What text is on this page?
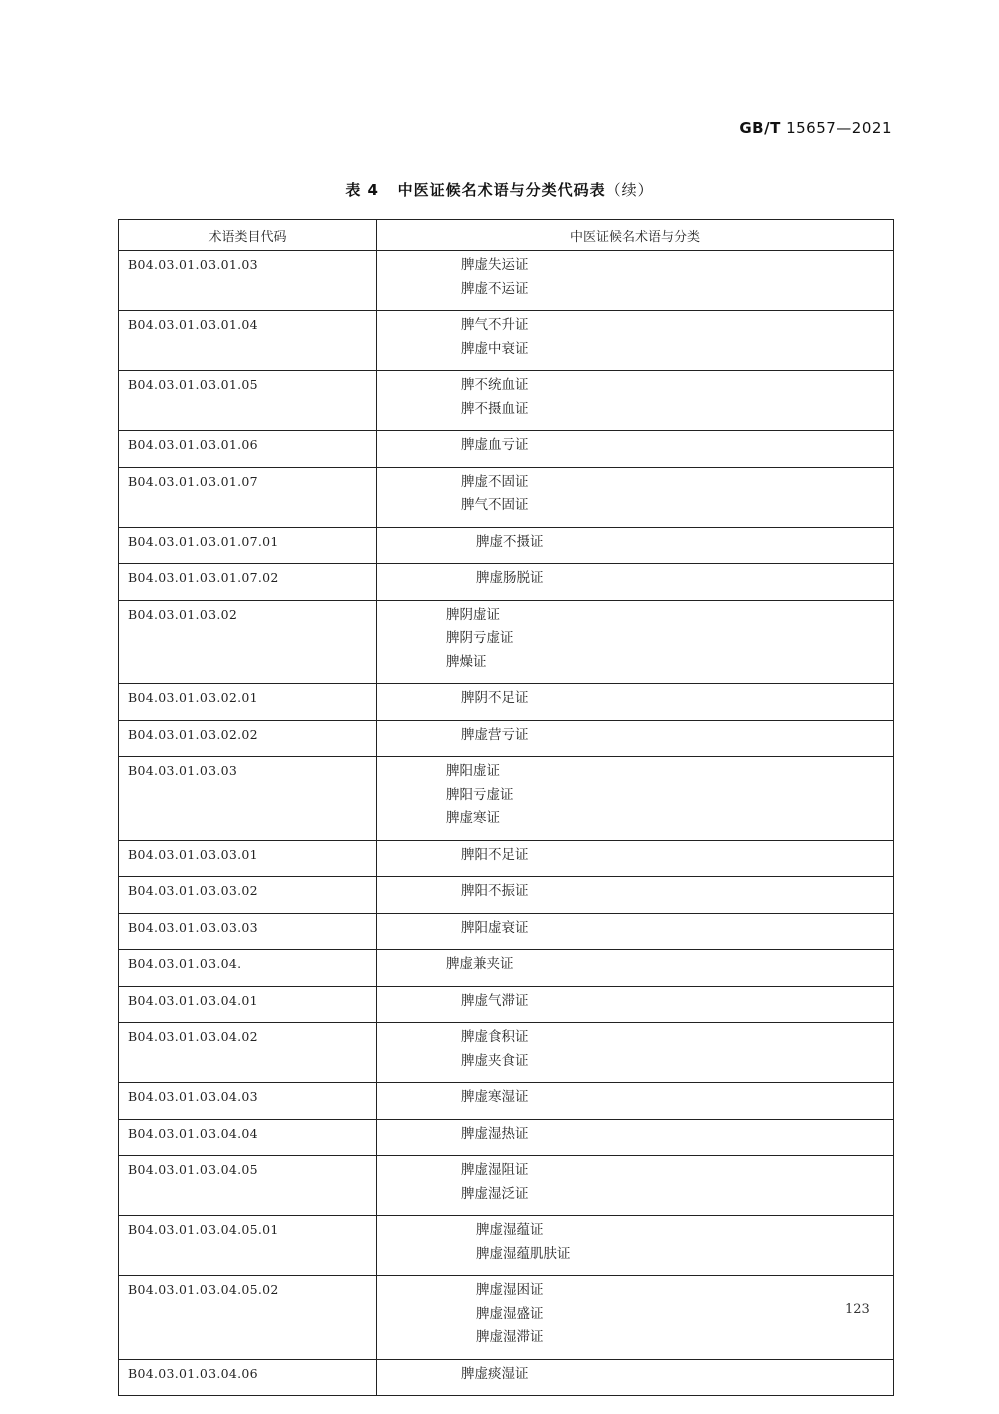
GB/T 15657—2021
表 4 中医证候名术语与分类代码表（续）
术语类目代码	中医证候名术语与分类
B04.03.01.03.01.03	脾虚失运证
脾虚不运证

B04.03.01.03.01.04	脾气不升证
脾虚中衰证

B04.03.01.03.01.05	脾不统血证
脾不摄血证

B04.03.01.03.01.06	脾虚血亏证

B04.03.01.03.01.07	脾虚不固证
脾气不固证

B04.03.01.03.01.07.01	脾虚不摄证

B04.03.01.03.01.07.02	脾虚肠脱证

B04.03.01.03.02	脾阴虚证
脾阴亏虚证
脾燥证

B04.03.01.03.02.01	脾阴不足证

B04.03.01.03.02.02	脾虚营亏证

B04.03.01.03.03	脾阳虚证
脾阳亏虚证
脾虚寒证

B04.03.01.03.03.01	脾阳不足证

B04.03.01.03.03.02	脾阳不振证

B04.03.01.03.03.03	脾阳虚衰证

B04.03.01.03.04.	脾虚兼夹证

B04.03.01.03.04.01	脾虚气滞证

B04.03.01.03.04.02	脾虚食积证
脾虚夹食证

B04.03.01.03.04.03	脾虚寒湿证

B04.03.01.03.04.04	脾虚湿热证

B04.03.01.03.04.05	脾虚湿阻证
脾虚湿泛证

B04.03.01.03.04.05.01	脾虚湿蕴证
脾虚湿蕴肌肤证

B04.03.01.03.04.05.02	脾虚湿困证
脾虚湿盛证
脾虚湿滞证

B04.03.01.03.04.06	脾虚痰湿证
123
